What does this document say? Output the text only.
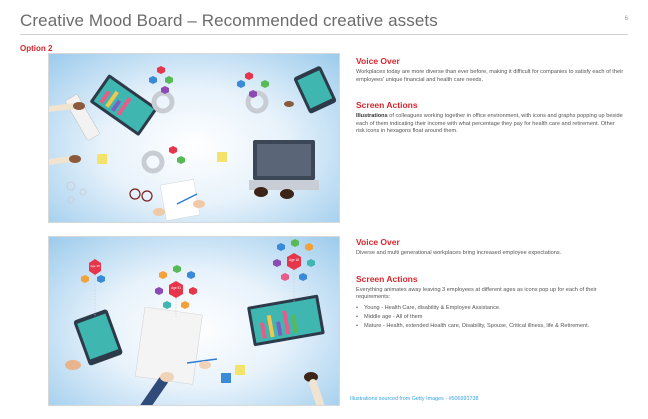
Creative Mood Board – Recommended creative assets	6
Option 2
Age 35
Age 51
Age 18
Voice Over
Workplaces today are more diverse than ever before, making it difficult for companies to satisfy each of their employees' unique financial and health care needs.
Screen Actions
Illustrations of colleagues working together in office environment, with icons and graphs popping up beside each of them indicating their income with what percentage they pay for health care and retirement. Other risk icons in hexagons float around them.
Voice Over
Diverse and multi generational workplaces bring increased employee expectations.
Screen Actions
Everything animates away leaving 3 employees at different ages as icons pop up for each of their requirements:
• Young - Health Care, disability & Employee Assistance.
• Middle age - All of them
• Mature - Health, extended Health care, Disability, Spouse, Critical illness, life & Retirement.
Illustrations sourced from Getty Images - #506991738
